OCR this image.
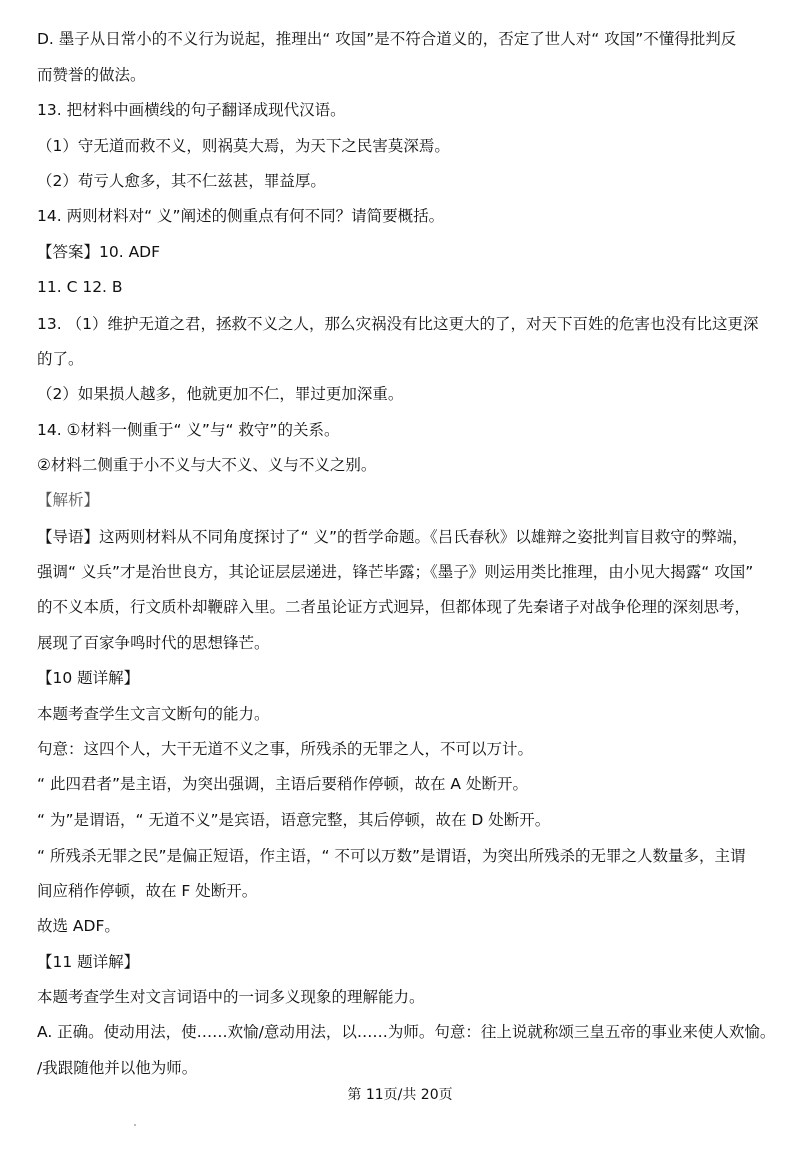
D. 墨子从日常小的不义行为说起，推理出“ 攻国”是不符合道义的，否定了世人对“ 攻国”不懂得批判反
而赞誉的做法。
13. 把材料中画横线的句子翻译成现代汉语。
（1）守无道而救不义，则祸莫大焉，为天下之民害莫深焉。
（2）苟亏人愈多，其不仁兹甚，罪益厚。
14. 两则材料对“ 义”阐述的侧重点有何不同？请简要概括。
【答案】10. ADF
11. C 12. B
13. （1）维护无道之君，拯救不义之人，那么灾祸没有比这更大的了，对天下百姓的危害也没有比这更深
的了。
（2）如果损人越多，他就更加不仁，罪过更加深重。
14. ①材料一侧重于“ 义”与“ 救守”的关系。
②材料二侧重于小不义与大不义、义与不义之别。
【解析】
【导语】这两则材料从不同角度探讨了“ 义”的哲学命题。《吕氏春秋》以雄辩之姿批判盲目救守的弊端，
强调“ 义兵”才是治世良方，其论证层层递进，锋芒毕露；《墨子》则运用类比推理，由小见大揭露“ 攻国”
的不义本质，行文质朴却鞭辟入里。二者虽论证方式迥异，但都体现了先秦诸子对战争伦理的深刻思考，
展现了百家争鸣时代的思想锋芒。
【10 题详解】
本题考查学生文言文断句的能力。
句意：这四个人，大干无道不义之事，所残杀的无罪之人，不可以万计。
“ 此四君者”是主语，为突出强调，主语后要稍作停顿，故在 A 处断开。
“ 为”是谓语，“ 无道不义”是宾语，语意完整，其后停顿，故在 D 处断开。
“ 所残杀无罪之民”是偏正短语，作主语，“ 不可以万数”是谓语，为突出所残杀的无罪之人数量多，主谓
间应稍作停顿，故在 F 处断开。
故选 ADF。
【11 题详解】
本题考查学生对文言词语中的一词多义现象的理解能力。
A. 正确。使动用法，使……欢愉/意动用法，以……为师。句意：往上说就称颂三皇五帝的事业来使人欢愉。
/我跟随他并以他为师。
第 11页/共 20页
